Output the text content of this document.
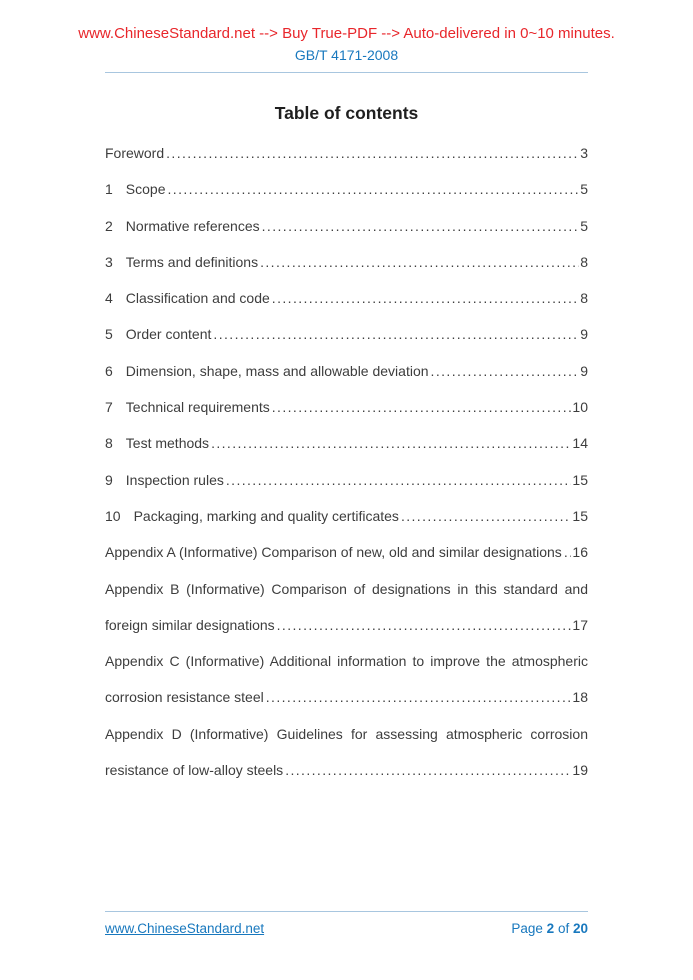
www.ChineseStandard.net --> Buy True-PDF --> Auto-delivered in 0~10 minutes.
GB/T 4171-2008
Table of contents
Foreword .....	3
1 Scope .....	5
2 Normative references .....	5
3 Terms and definitions .....	8
4 Classification and code .....	8
5 Order content .....	9
6 Dimension, shape, mass and allowable deviation .....	9
7 Technical requirements .....	10
8 Test methods .....	14
9 Inspection rules .....	15
10 Packaging, marking and quality certificates .....	15
Appendix A (Informative) Comparison of new, old and similar designations ..... 16
Appendix B (Informative) Comparison of designations in this standard and
foreign similar designations .....	17
Appendix C (Informative) Additional information to improve the atmospheric
corrosion resistance steel .....	18
Appendix D (Informative) Guidelines for assessing atmospheric corrosion
resistance of low-alloy steels .....	19
www.ChineseStandard.net	Page 2 of 20
